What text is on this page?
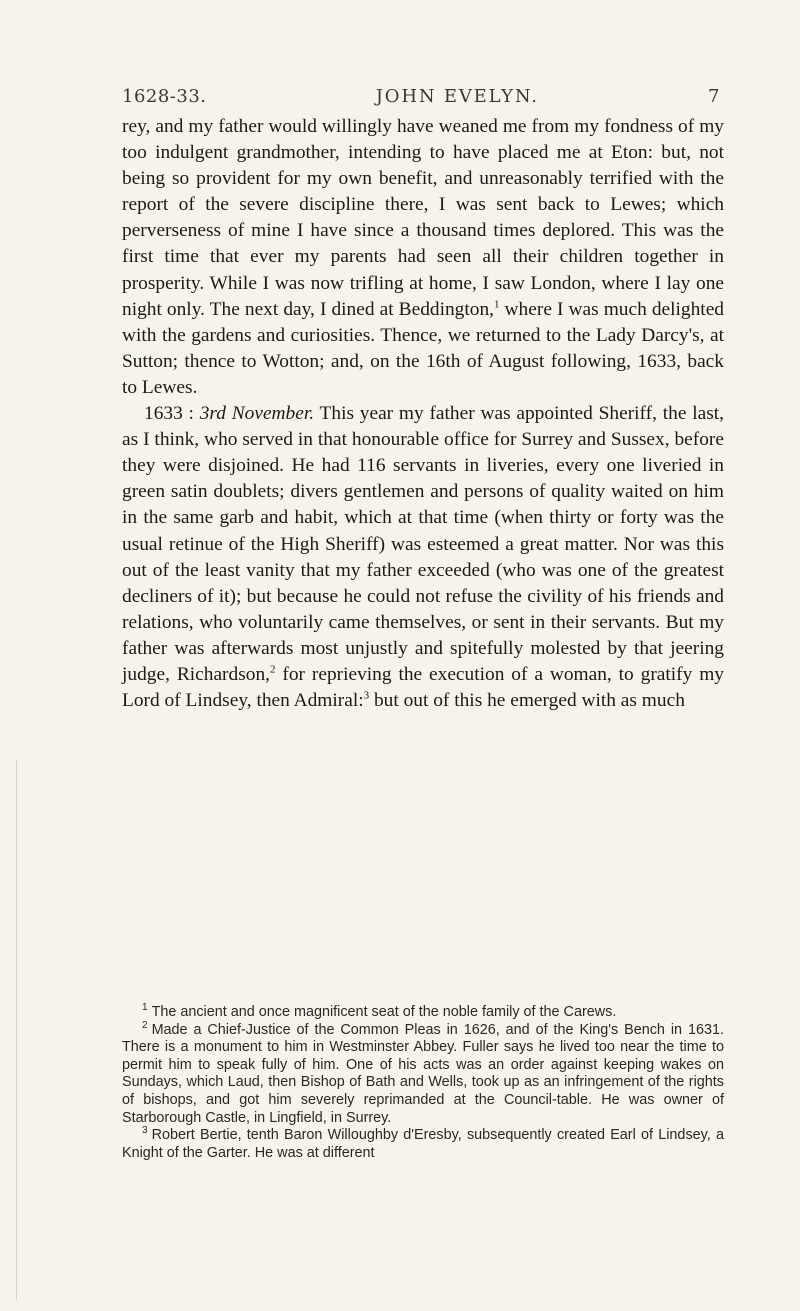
1628-33.	JOHN EVELYN.	7

rey, and my father would willingly have weaned me from my fondness of my too indulgent grandmother, intending to have placed me at Eton: but, not being so provident for my own benefit, and unreasonably terrified with the report of the severe discipline there, I was sent back to Lewes; which perverseness of mine I have since a thousand times deplored. This was the first time that ever my parents had seen all their children together in prosperity. While I was now trifling at home, I saw London, where I lay one night only. The next day, I dined at Beddington,$^1$ where I was much delighted with the gardens and curiosities. Thence, we returned to the Lady Darcy's, at Sutton; thence to Wotton; and, on the 16th of August following, 1633, back to Lewes.

1633 : 3rd November. This year my father was appointed Sheriff, the last, as I think, who served in that honourable office for Surrey and Sussex, before they were disjoined. He had 116 servants in liveries, every one liveried in green satin doublets; divers gentlemen and persons of quality waited on him in the same garb and habit, which at that time (when thirty or forty was the usual retinue of the High Sheriff) was esteemed a great matter. Nor was this out of the least vanity that my father exceeded (who was one of the greatest decliners of it); but because he could not refuse the civility of his friends and relations, who voluntarily came themselves, or sent in their servants. But my father was afterwards most unjustly and spitefully molested by that jeering judge, Richardson,$^2$ for reprieving the execution of a woman, to gratify my Lord of Lindsey, then Admiral:$^3$ but out of this he emerged with as much

$^1$ The ancient and once magnificent seat of the noble family of the Carews.

$^2$ Made a Chief-Justice of the Common Pleas in 1626, and of the King's Bench in 1631. There is a monument to him in Westminster Abbey. Fuller says he lived too near the time to permit him to speak fully of him. One of his acts was an order against keeping wakes on Sundays, which Laud, then Bishop of Bath and Wells, took up as an infringement of the rights of bishops, and got him severely reprimanded at the Council-table. He was owner of Starborough Castle, in Lingfield, in Surrey.

$^3$ Robert Bertie, tenth Baron Willoughby d'Eresby, subsequently created Earl of Lindsey, a Knight of the Garter. He was at different
